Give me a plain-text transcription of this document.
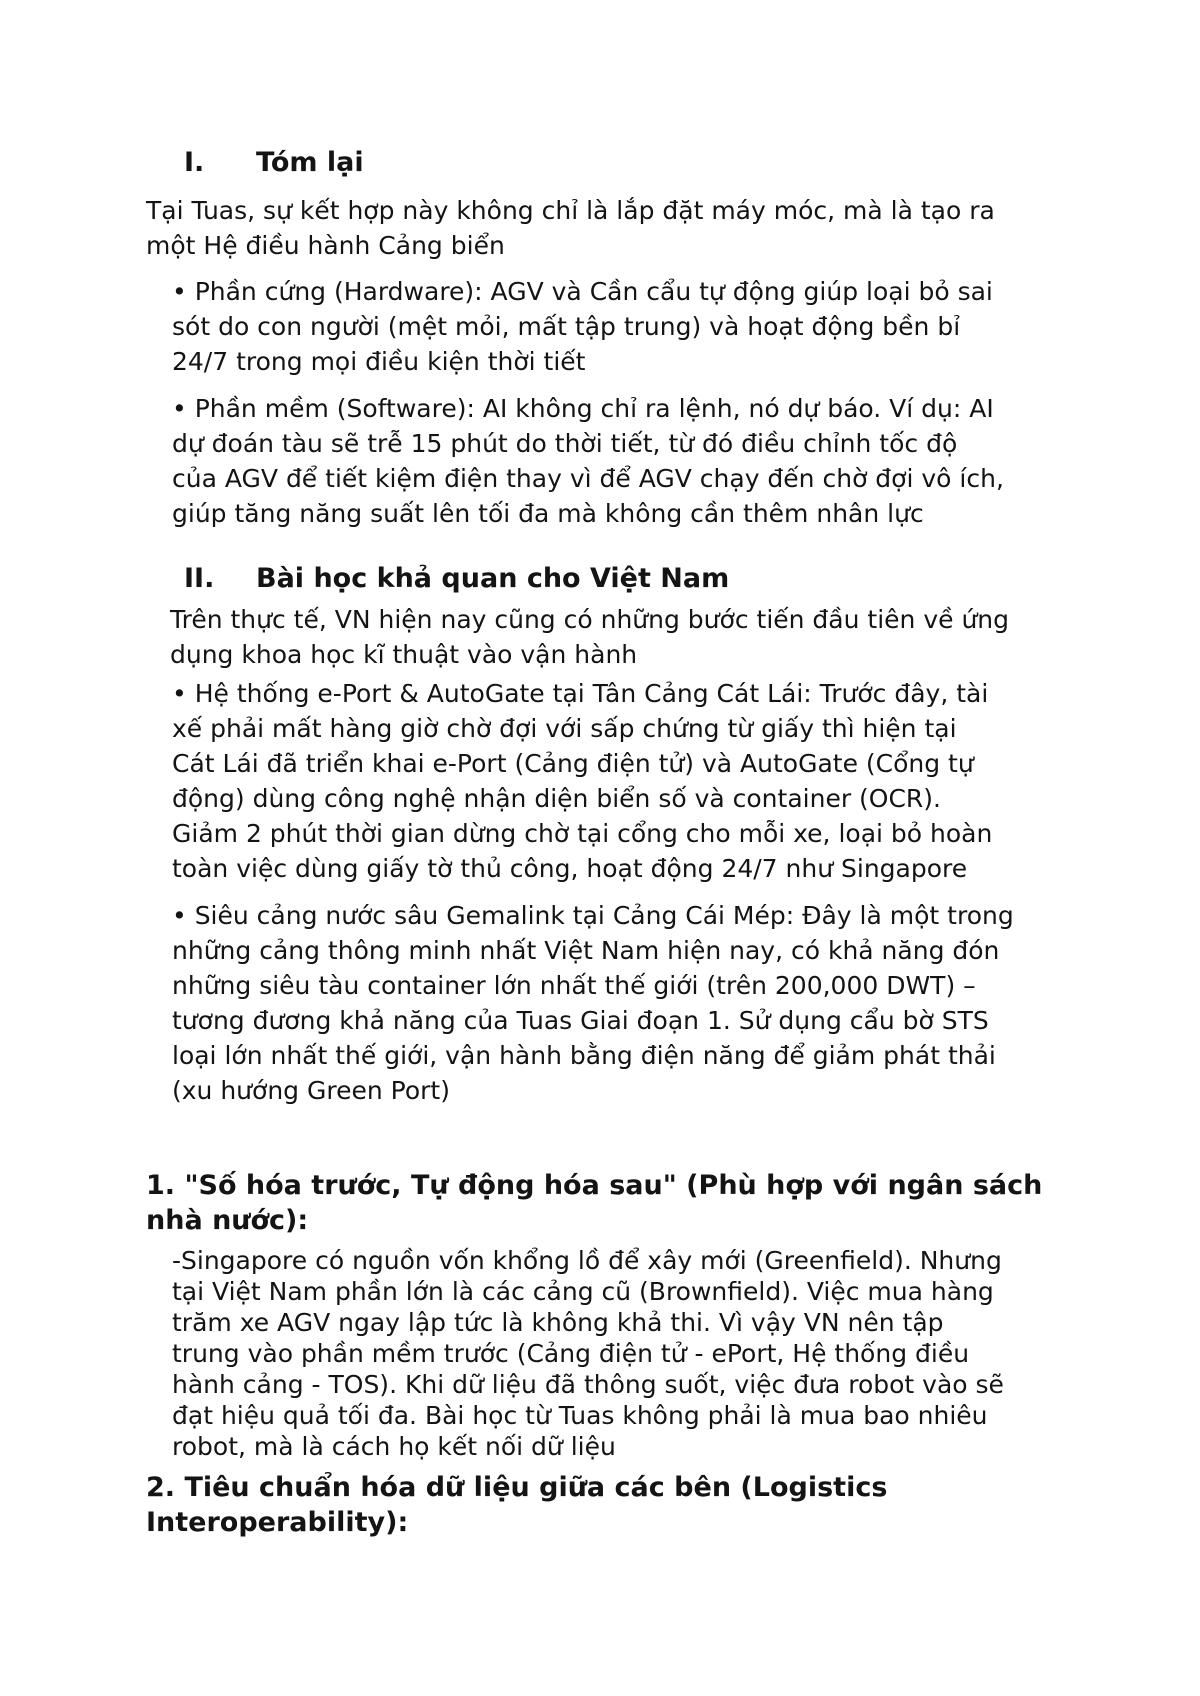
I. Tóm lại
Tại Tuas, sự kết hợp này không chỉ là lắp đặt máy móc, mà là tạo ra
một Hệ điều hành Cảng biển
• Phần cứng (Hardware): AGV và Cần cẩu tự động giúp loại bỏ sai
sót do con người (mệt mỏi, mất tập trung) và hoạt động bền bỉ
24/7 trong mọi điều kiện thời tiết
• Phần mềm (Software): AI không chỉ ra lệnh, nó dự báo. Ví dụ: AI
dự đoán tàu sẽ trễ 15 phút do thời tiết, từ đó điều chỉnh tốc độ
của AGV để tiết kiệm điện thay vì để AGV chạy đến chờ đợi vô ích,
giúp tăng năng suất lên tối đa mà không cần thêm nhân lực
II. Bài học khả quan cho Việt Nam
Trên thực tế, VN hiện nay cũng có những bước tiến đầu tiên về ứng
dụng khoa học kĩ thuật vào vận hành
• Hệ thống e-Port & AutoGate tại Tân Cảng Cát Lái: Trước đây, tài
xế phải mất hàng giờ chờ đợi với sấp chứng từ giấy thì hiện tại
Cát Lái đã triển khai e-Port (Cảng điện tử) và AutoGate (Cổng tự
động) dùng công nghệ nhận diện biển số và container (OCR).
Giảm 2 phút thời gian dừng chờ tại cổng cho mỗi xe, loại bỏ hoàn
toàn việc dùng giấy tờ thủ công, hoạt động 24/7 như Singapore
• Siêu cảng nước sâu Gemalink tại Cảng Cái Mép: Đây là một trong
những cảng thông minh nhất Việt Nam hiện nay, có khả năng đón
những siêu tàu container lớn nhất thế giới (trên 200,000 DWT) –
tương đương khả năng của Tuas Giai đoạn 1. Sử dụng cẩu bờ STS
loại lớn nhất thế giới, vận hành bằng điện năng để giảm phát thải
(xu hướng Green Port)
1. "Số hóa trước, Tự động hóa sau" (Phù hợp với ngân sách
nhà nước):
-Singapore có nguồn vốn khổng lồ để xây mới (Greenfield). Nhưng
tại Việt Nam phần lớn là các cảng cũ (Brownfield). Việc mua hàng
trăm xe AGV ngay lập tức là không khả thi. Vì vậy VN nên tập
trung vào phần mềm trước (Cảng điện tử - ePort, Hệ thống điều
hành cảng - TOS). Khi dữ liệu đã thông suốt, việc đưa robot vào sẽ
đạt hiệu quả tối đa. Bài học từ Tuas không phải là mua bao nhiêu
robot, mà là cách họ kết nối dữ liệu
2. Tiêu chuẩn hóa dữ liệu giữa các bên (Logistics
Interoperability):
